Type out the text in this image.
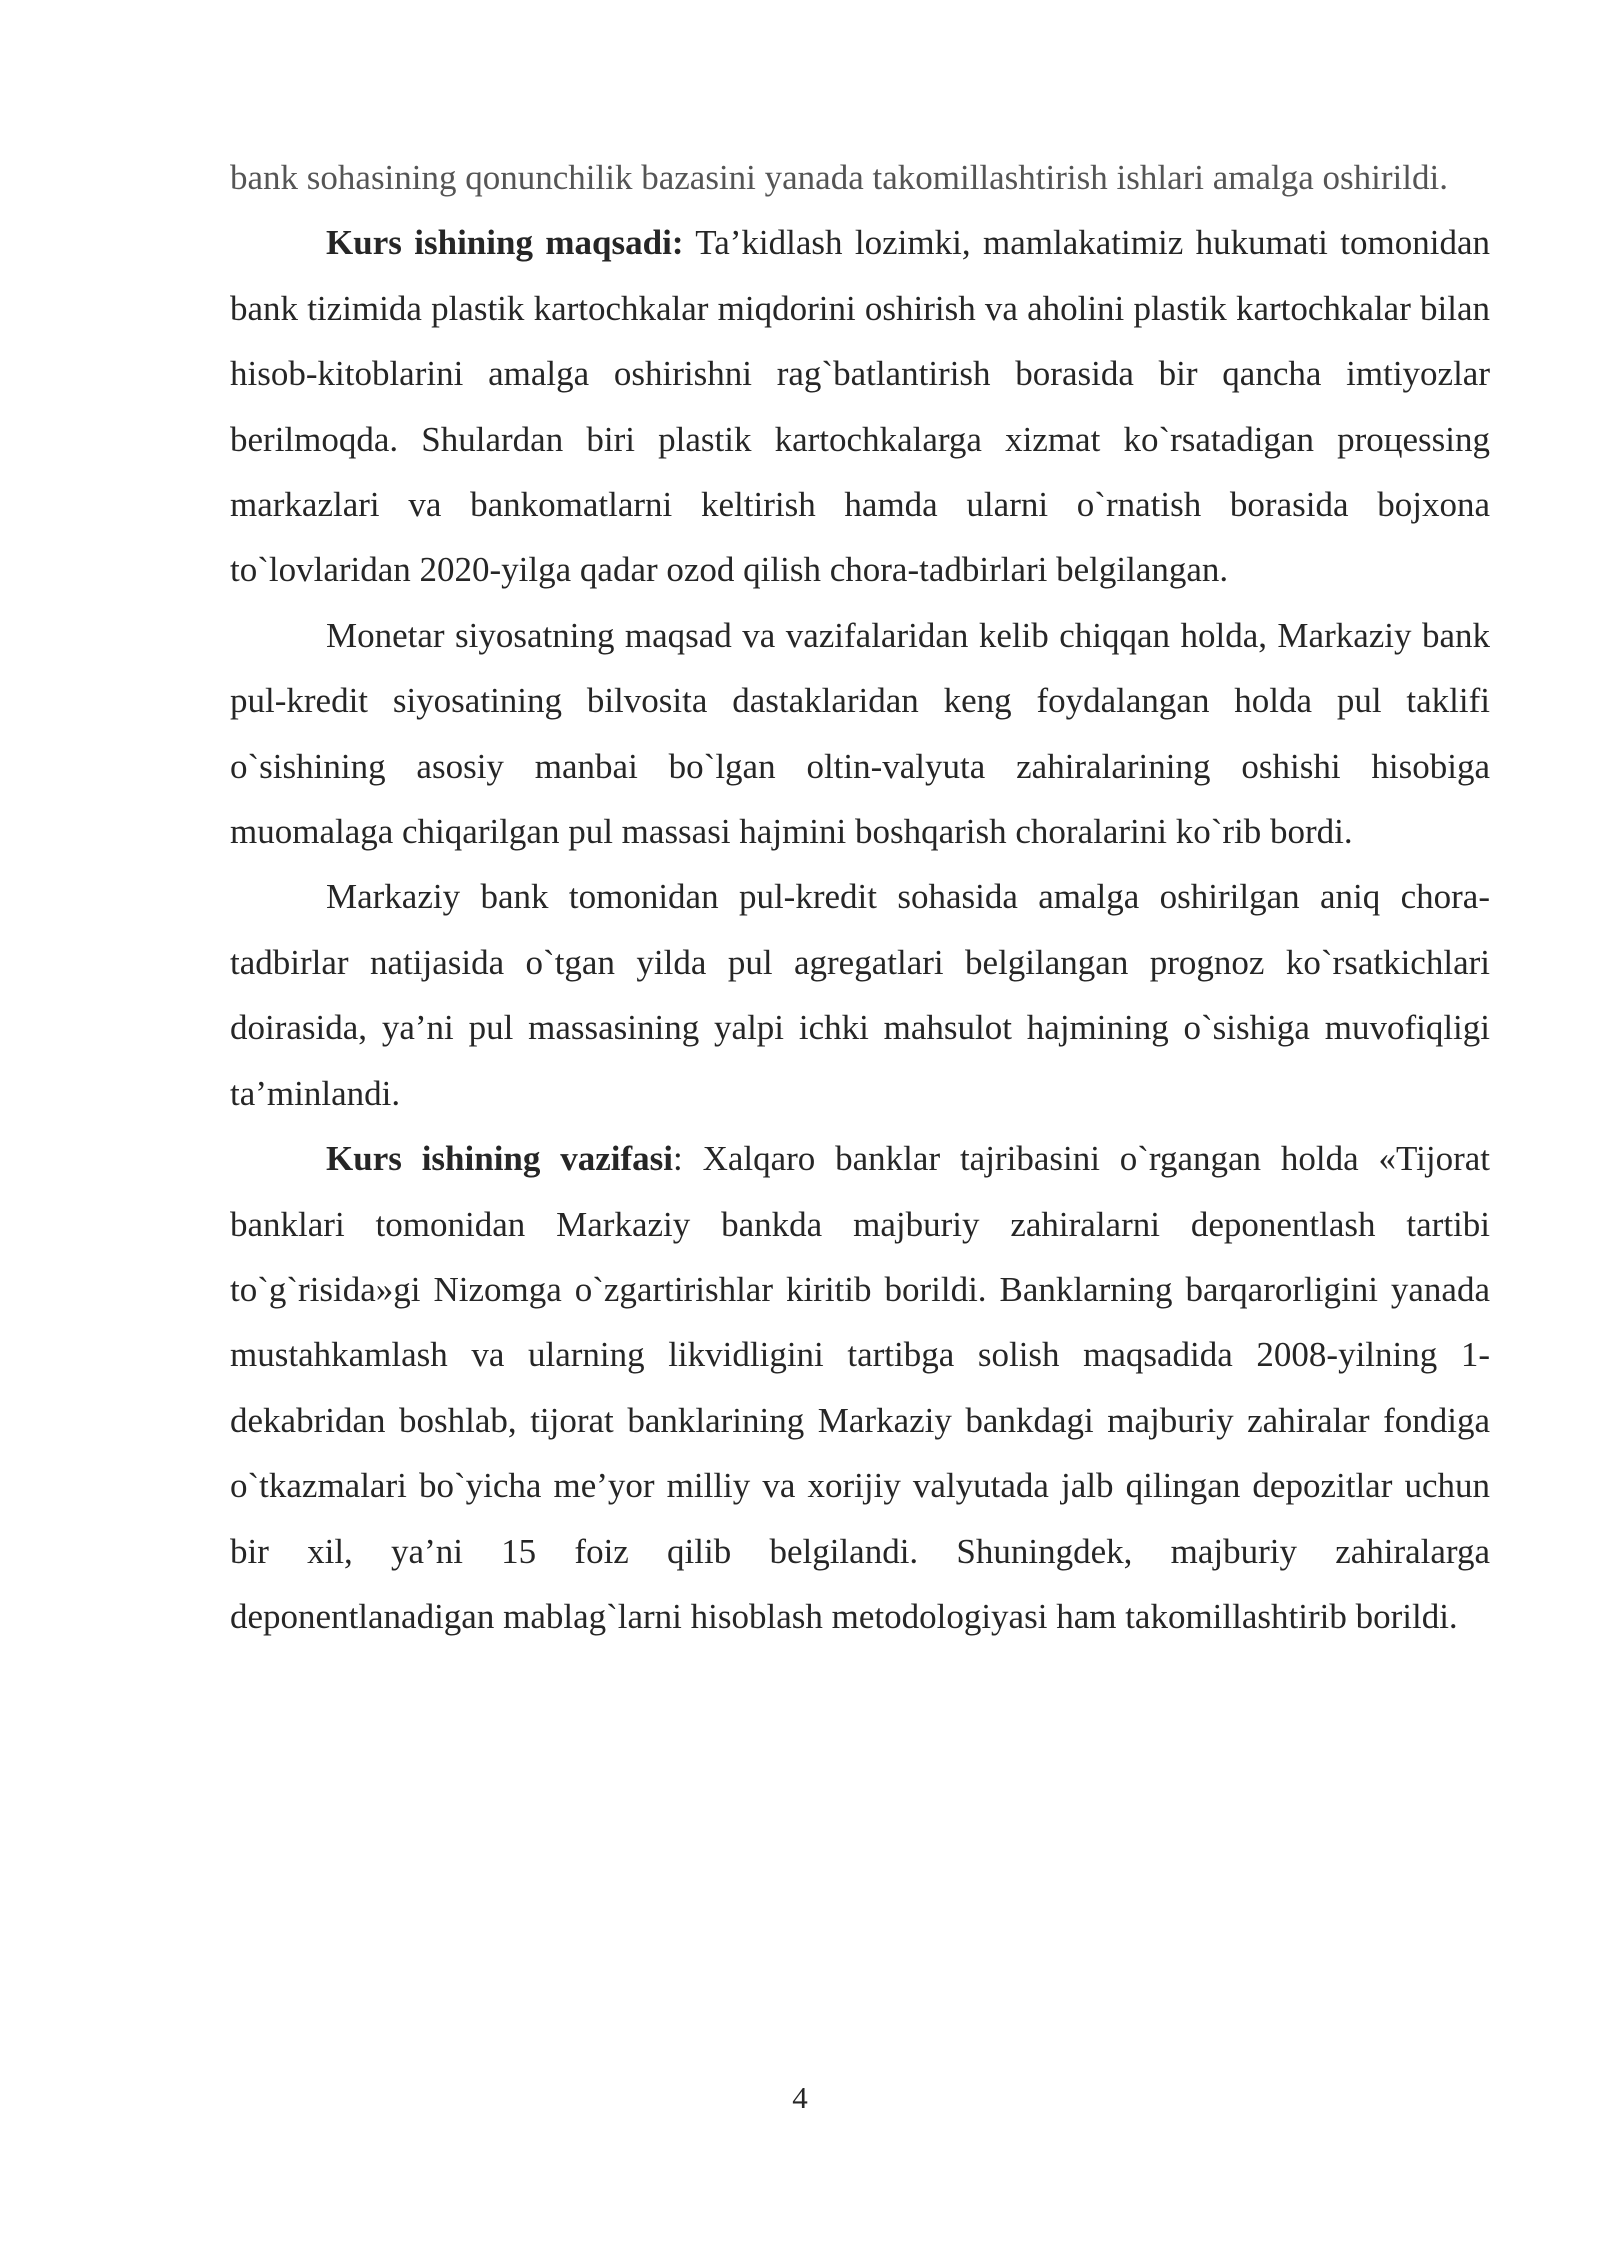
bank sohasining qonunchilik bazasini yanada takomillashtirish ishlari amalga oshirildi.

Kurs ishining maqsadi: Ta’kidlash lozimki, mamlakatimiz hukumati tomonidan bank tizimida plastik kartochkalar miqdorini oshirish va aholini plastik kartochkalar bilan hisob-kitoblarini amalga oshirishni rag`batlantirish borasida bir qancha imtiyozlar berilmoqda. Shulardan biri plastik kartochkalarga xizmat ko`rsatadigan proцessing markazlari va bankomatlarni keltirish hamda ularni o`rnatish borasida bojxona to`lovlaridan 2020-yilga qadar ozod qilish chora-tadbirlari belgilangan.

Monetar siyosatning maqsad va vazifalaridan kelib chiqqan holda, Markaziy bank pul-kredit siyosatining bilvosita dastaklaridan keng foydalangan holda pul taklifi o`sishining asosiy manbai bo`lgan oltin-valyuta zahiralarining oshishi hisobiga muomalaga chiqarilgan pul massasi hajmini boshqarish choralarini ko`rib bordi.

Markaziy bank tomonidan pul-kredit sohasida amalga oshirilgan aniq chora-tadbirlar natijasida o`tgan yilda pul agregatlari belgilangan prognoz ko`rsatkichlari doirasida, ya’ni pul massasining yalpi ichki mahsulot hajmining o`sishiga muvofiqligi ta’minlandi.

Kurs ishining vazifasi: Xalqaro banklar tajribasini o`rgangan holda «Tijorat banklari tomonidan Markaziy bankda majburiy zahiralarni deponentlash tartibi to`g`risida»gi Nizomga o`zgartirishlar kiritib borildi. Banklarning barqarorligini yanada mustahkamlash va ularning likvidligini tartibga solish maqsadida 2008-yilning 1-dekabridan boshlab, tijorat banklarining Markaziy bankdagi majburiy zahiralar fondiga o`tkazmalari bo`yicha me’yor milliy va xorijiy valyutada jalb qilingan depozitlar uchun bir xil, ya’ni 15 foiz qilib belgilandi. Shuningdek, majburiy zahiralarga deponentlanadigan mablag`larni hisoblash metodologiyasi ham takomillashtirib borildi.

4
